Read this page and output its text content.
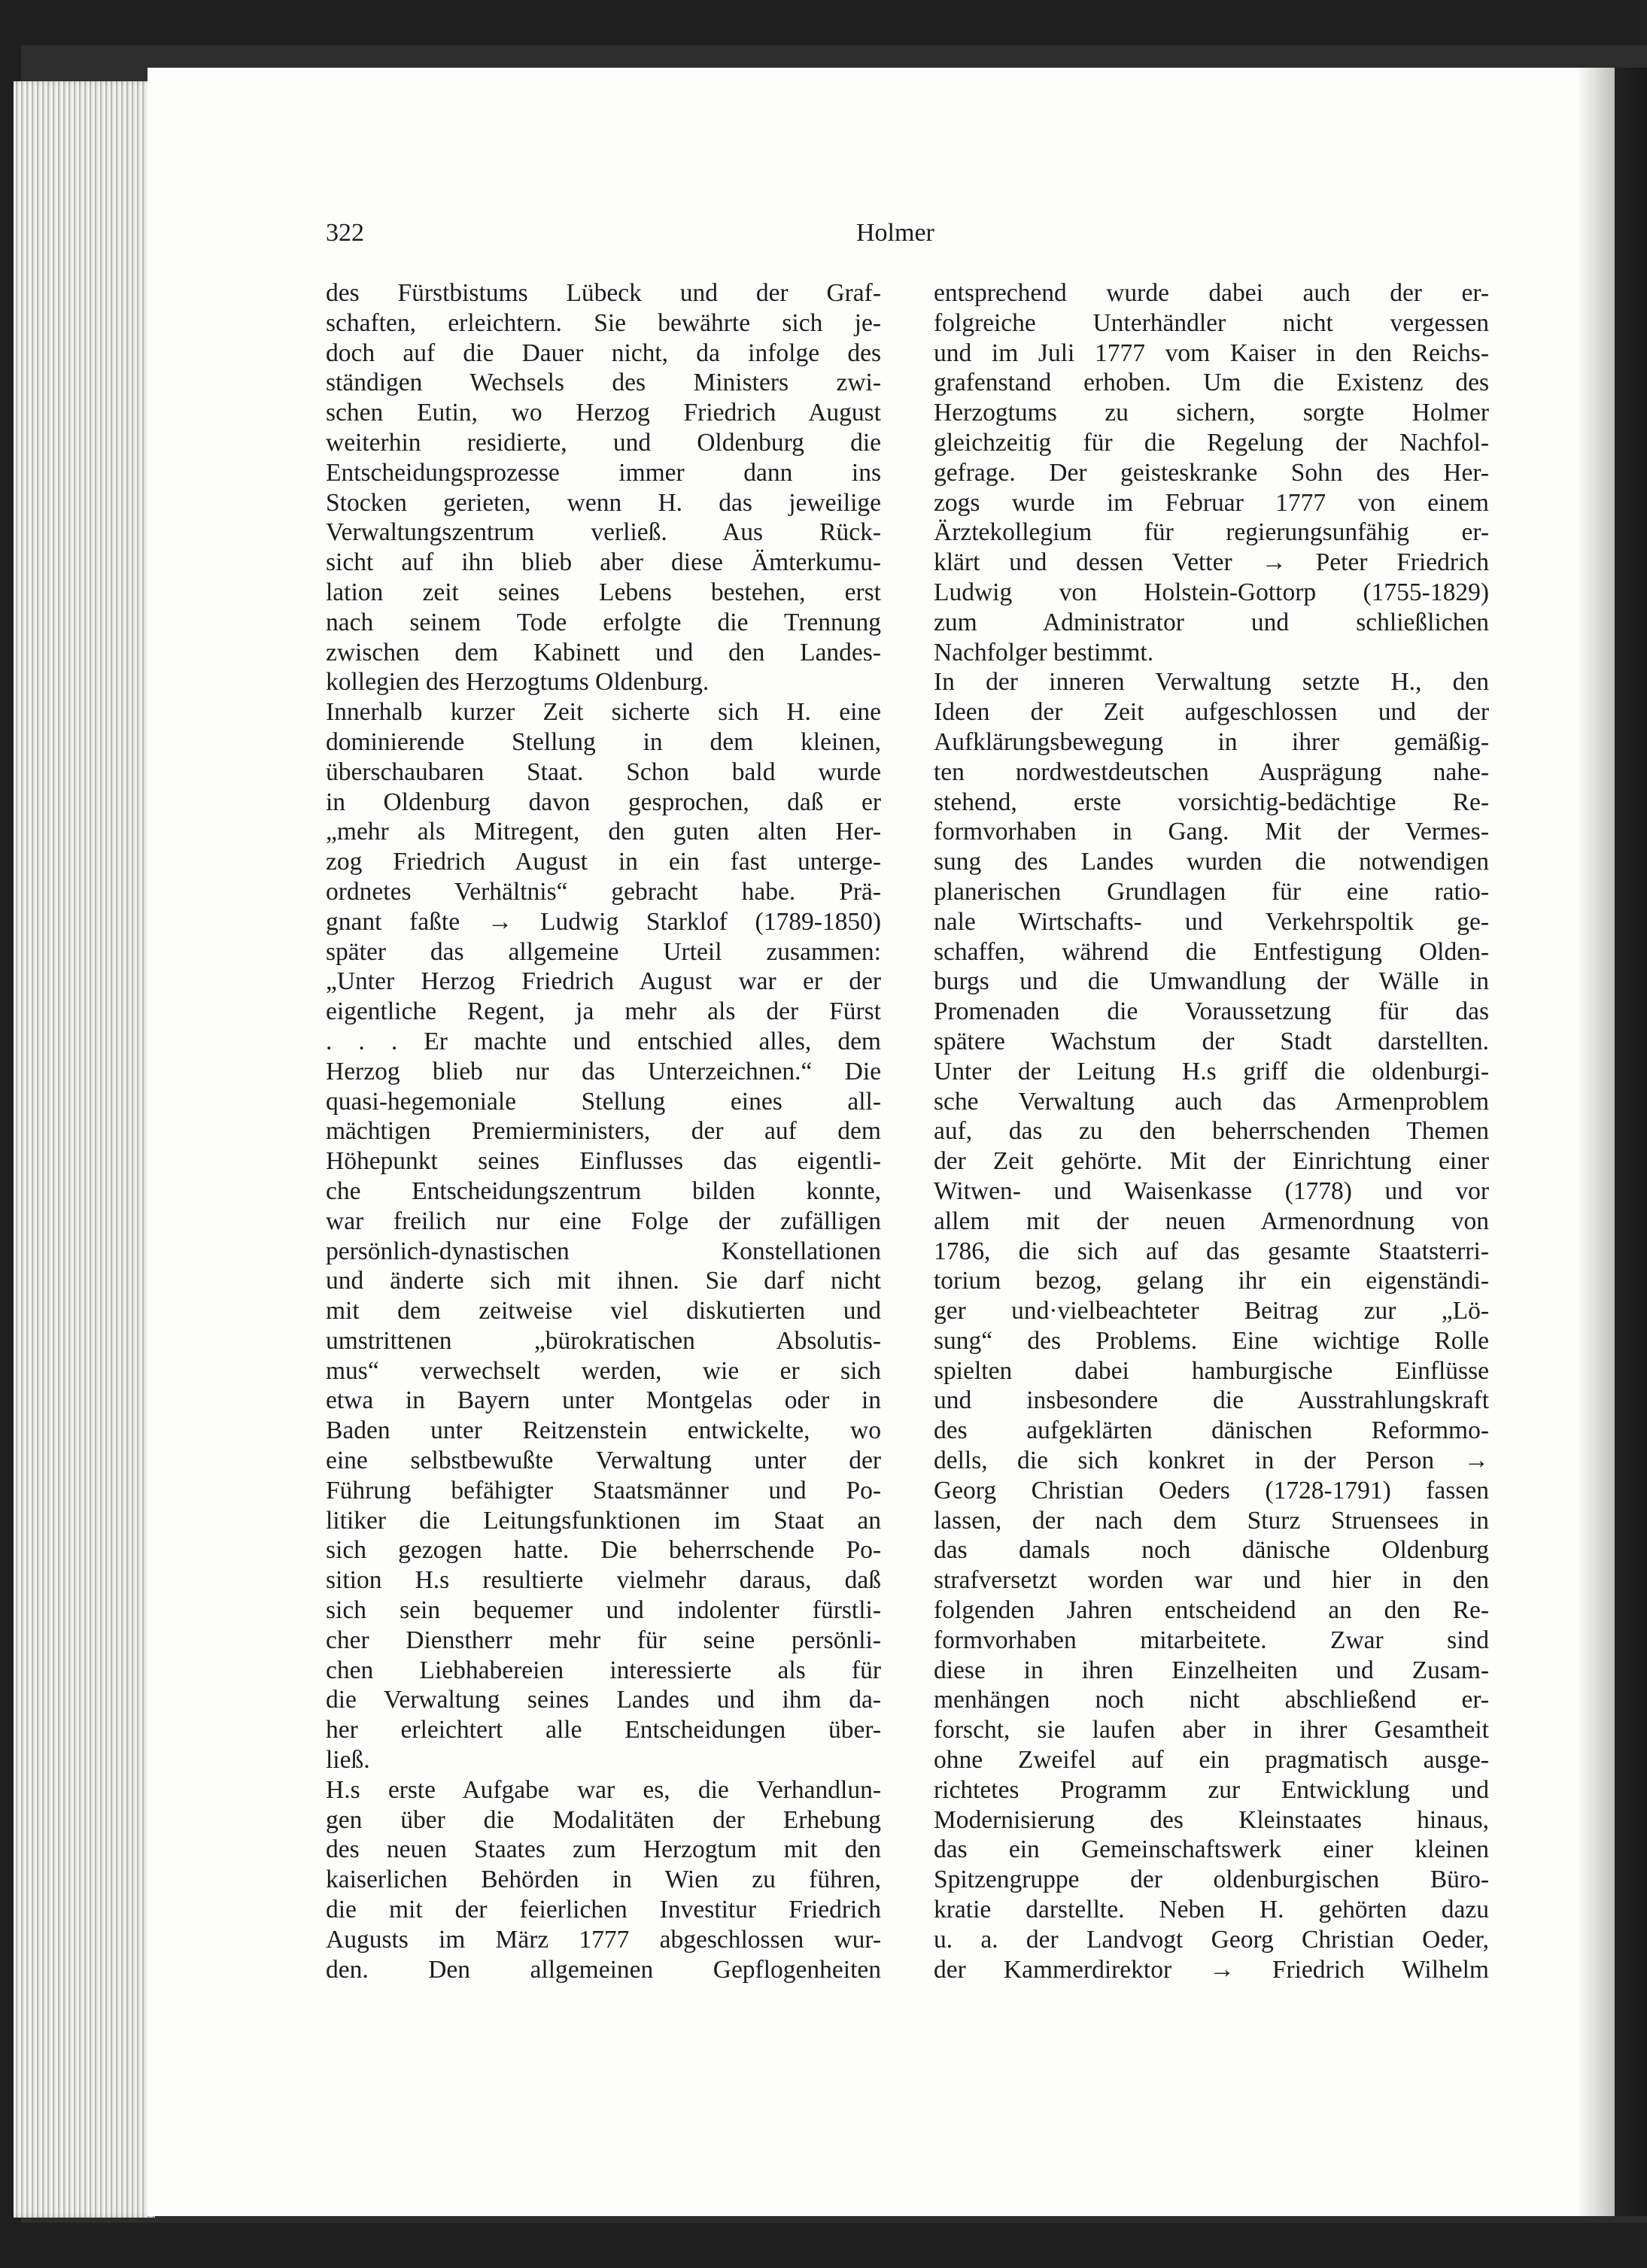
322	Holmer
des Fürstbistums Lübeck und der Graf-
schaften, erleichtern. Sie bewährte sich je-
doch auf die Dauer nicht, da infolge des
ständigen Wechsels des Ministers zwi-
schen Eutin, wo Herzog Friedrich August
weiterhin residierte, und Oldenburg die
Entscheidungsprozesse immer dann ins
Stocken gerieten, wenn H. das jeweilige
Verwaltungszentrum verließ. Aus Rück-
sicht auf ihn blieb aber diese Ämterkumu-
lation zeit seines Lebens bestehen, erst
nach seinem Tode erfolgte die Trennung
zwischen dem Kabinett und den Landes-
kollegien des Herzogtums Oldenburg.
Innerhalb kurzer Zeit sicherte sich H. eine
dominierende Stellung in dem kleinen,
überschaubaren Staat. Schon bald wurde
in Oldenburg davon gesprochen, daß er
„mehr als Mitregent, den guten alten Her-
zog Friedrich August in ein fast unterge-
ordnetes Verhältnis“ gebracht habe. Prä-
gnant faßte → Ludwig Starklof (1789-1850)
später das allgemeine Urteil zusammen:
„Unter Herzog Friedrich August war er der
eigentliche Regent, ja mehr als der Fürst
. . . Er machte und entschied alles, dem
Herzog blieb nur das Unterzeichnen.“ Die
quasi-hegemoniale Stellung eines all-
mächtigen Premierministers, der auf dem
Höhepunkt seines Einflusses das eigentli-
che Entscheidungszentrum bilden konnte,
war freilich nur eine Folge der zufälligen
persönlich-dynastischen Konstellationen
und änderte sich mit ihnen. Sie darf nicht
mit dem zeitweise viel diskutierten und
umstrittenen „bürokratischen Absolutis-
mus“ verwechselt werden, wie er sich
etwa in Bayern unter Montgelas oder in
Baden unter Reitzenstein entwickelte, wo
eine selbstbewußte Verwaltung unter der
Führung befähigter Staatsmänner und Po-
litiker die Leitungsfunktionen im Staat an
sich gezogen hatte. Die beherrschende Po-
sition H.s resultierte vielmehr daraus, daß
sich sein bequemer und indolenter fürstli-
cher Dienstherr mehr für seine persönli-
chen Liebhabereien interessierte als für
die Verwaltung seines Landes und ihm da-
her erleichtert alle Entscheidungen über-
ließ.
H.s erste Aufgabe war es, die Verhandlun-
gen über die Modalitäten der Erhebung
des neuen Staates zum Herzogtum mit den
kaiserlichen Behörden in Wien zu führen,
die mit der feierlichen Investitur Friedrich
Augusts im März 1777 abgeschlossen wur-
den. Den allgemeinen Gepflogenheiten
entsprechend wurde dabei auch der er-
folgreiche Unterhändler nicht vergessen
und im Juli 1777 vom Kaiser in den Reichs-
grafenstand erhoben. Um die Existenz des
Herzogtums zu sichern, sorgte Holmer
gleichzeitig für die Regelung der Nachfol-
gefrage. Der geisteskranke Sohn des Her-
zogs wurde im Februar 1777 von einem
Ärztekollegium für regierungsunfähig er-
klärt und dessen Vetter → Peter Friedrich
Ludwig von Holstein-Gottorp (1755-1829)
zum Administrator und schließlichen
Nachfolger bestimmt.
In der inneren Verwaltung setzte H., den
Ideen der Zeit aufgeschlossen und der
Aufklärungsbewegung in ihrer gemäßig-
ten nordwestdeutschen Ausprägung nahe-
stehend, erste vorsichtig-bedächtige Re-
formvorhaben in Gang. Mit der Vermes-
sung des Landes wurden die notwendigen
planerischen Grundlagen für eine ratio-
nale Wirtschafts- und Verkehrspoltik ge-
schaffen, während die Entfestigung Olden-
burgs und die Umwandlung der Wälle in
Promenaden die Voraussetzung für das
spätere Wachstum der Stadt darstellten.
Unter der Leitung H.s griff die oldenburgi-
sche Verwaltung auch das Armenproblem
auf, das zu den beherrschenden Themen
der Zeit gehörte. Mit der Einrichtung einer
Witwen- und Waisenkasse (1778) und vor
allem mit der neuen Armenordnung von
1786, die sich auf das gesamte Staatsterri-
torium bezog, gelang ihr ein eigenständi-
ger und·vielbeachteter Beitrag zur „Lö-
sung“ des Problems. Eine wichtige Rolle
spielten dabei hamburgische Einflüsse
und insbesondere die Ausstrahlungskraft
des aufgeklärten dänischen Reformmo-
dells, die sich konkret in der Person →
Georg Christian Oeders (1728-1791) fassen
lassen, der nach dem Sturz Struensees in
das damals noch dänische Oldenburg
strafversetzt worden war und hier in den
folgenden Jahren entscheidend an den Re-
formvorhaben mitarbeitete. Zwar sind
diese in ihren Einzelheiten und Zusam-
menhängen noch nicht abschließend er-
forscht, sie laufen aber in ihrer Gesamtheit
ohne Zweifel auf ein pragmatisch ausge-
richtetes Programm zur Entwicklung und
Modernisierung des Kleinstaates hinaus,
das ein Gemeinschaftswerk einer kleinen
Spitzengruppe der oldenburgischen Büro-
kratie darstellte. Neben H. gehörten dazu
u. a. der Landvogt Georg Christian Oeder,
der Kammerdirektor → Friedrich Wilhelm
